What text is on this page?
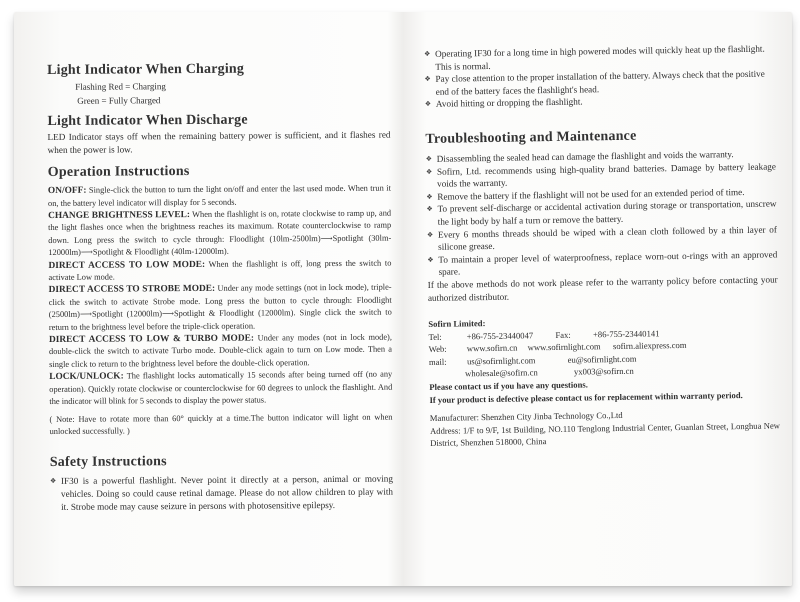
Light Indicator When Charging

Flashing Red = Charging

Green = Fully Charged

Light Indicator When Discharge

LED Indicator stays off when the remaining battery power is sufficient, and it flashes red when the power is low.

Operation Instructions

ON/OFF: Single-click the button to turn the light on/off and enter the last used mode. When trun it on, the battery level indicator will display for 5 seconds.

CHANGE BRIGHTNESS LEVEL: When the flashlight is on, rotate clockwise to ramp up, and the light flashes once when the brightness reaches its maximum. Rotate counterclockwise to ramp down. Long press the switch to cycle through: Floodlight (10lm-2500lm)⟶Spotlight (30lm-12000lm)⟶Spotlight & Floodlight (40lm-12000lm).

DIRECT ACCESS TO LOW MODE: When the flashlight is off, long press the switch to activate Low mode.

DIRECT ACCESS TO STROBE MODE: Under any mode settings (not in lock mode), triple-click the switch to activate Strobe mode. Long press the button to cycle through: Floodlight (2500lm)⟶Spotlight (12000lm)⟶Spotlight & Floodlight (12000lm). Single click the switch to return to the brightness level before the triple-click operation.

DIRECT ACCESS TO LOW & TURBO MODE: Under any modes (not in lock mode), double-click the switch to activate Turbo mode. Double-click again to turn on Low mode. Then a single click to return to the brightness level before the double-click operation.

LOCK/UNLOCK: The flashlight locks automatically 15 seconds after being turned off (no any operation). Quickly rotate clockwise or counterclockwise for 60 degrees to unlock the flashlight. And the indicator will blink for 5 seconds to display the power status.

( Note: Have to rotate more than 60° quickly at a time.The button indicator will light on when unlocked successfully. )

Safety Instructions

❖ IF30 is a powerful flashlight. Never point it directly at a person, animal or moving vehicles. Doing so could cause retinal damage. Please do not allow children to play with it. Strobe mode may cause seizure in persons with photosensitive epilepsy.

❖ Operating IF30 for a long time in high powered modes will quickly heat up the flashlight. This is normal.

❖ Pay close attention to the proper installation of the battery. Always check that the positive end of the battery faces the flashlight's head.

❖ Avoid hitting or dropping the flashlight.

Troubleshooting and Maintenance

❖ Disassembling the sealed head can damage the flashlight and voids the warranty.

❖ Sofirn, Ltd. recommends using high-quality brand batteries. Damage by battery leakage voids the warranty.

❖ Remove the battery if the flashlight will not be used for an extended period of time.

❖ To prevent self-discharge or accidental activation during storage or transportation, unscrew the light body by half a turn or remove the battery.

❖ Every 6 months threads should be wiped with a clean cloth followed by a thin layer of silicone grease.

❖ To maintain a proper level of waterproofness, replace worn-out o-rings with an approved spare.

If the above methods do not work please refer to the warranty policy before contacting your authorized distributor.

Sofirn Limited:
Tel:	+86-755-23440047	Fax:	+86-755-23440141
Web: www.sofirn.cn www.sofirnlight.com sofirn.aliexpress.com
mail: us@sofirnlight.com	eu@sofirnlight.com
wholesale@sofirn.cn	yx003@sofirn.cn
Please contact us if you have any questions.
If your product is defective please contact us for replacement within warranty period.
Manufacturer: Shenzhen City Jinba Technology Co.,Ltd
Address: 1/F to 9/F, 1st Building, NO.110 Tenglong Industrial Center, Guanlan Street, Longhua New District, Shenzhen 518000, China
